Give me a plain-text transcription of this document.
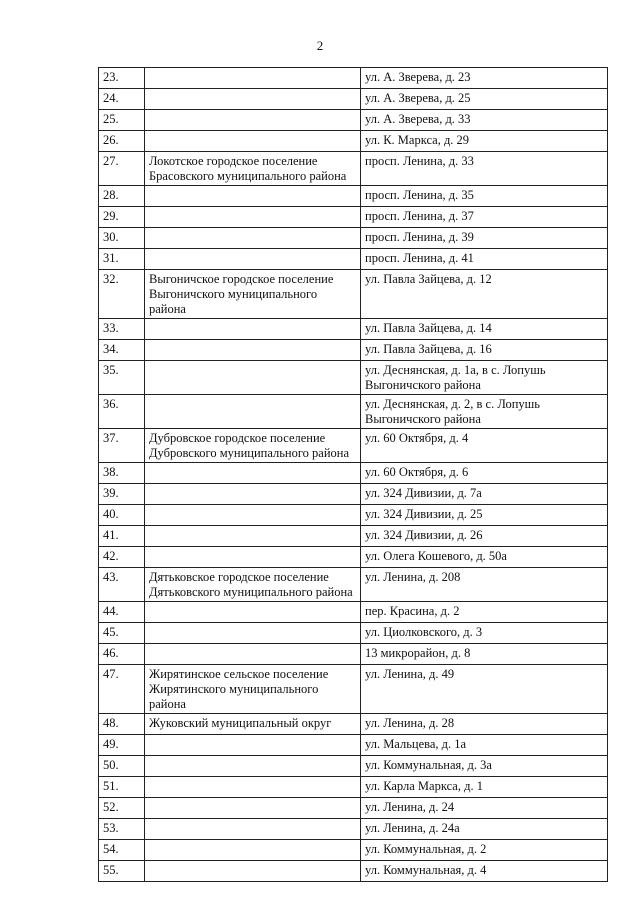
2
23.		ул. А. Зверева, д. 23
24.		ул. А. Зверева, д. 25
25.		ул. А. Зверева, д. 33
26.		ул. К. Маркса, д. 29
27.	Локотское городское поселение Брасовского муниципального района	просп. Ленина, д. 33
28.		просп. Ленина, д. 35
29.		просп. Ленина, д. 37
30.		просп. Ленина, д. 39
31.		просп. Ленина, д. 41
32.	Выгоничское городское поселение Выгоничского муниципального района	ул. Павла Зайцева, д. 12
33.		ул. Павла Зайцева, д. 14
34.		ул. Павла Зайцева, д. 16
35.		ул. Деснянская, д. 1а, в с. Лопушь Выгоничского района
36.		ул. Деснянская, д. 2, в с. Лопушь Выгоничского района
37.	Дубровское городское поселение Дубровского муниципального района	ул. 60 Октября, д. 4
38.		ул. 60 Октября, д. 6
39.		ул. 324 Дивизии, д. 7а
40.		ул. 324 Дивизии, д. 25
41.		ул. 324 Дивизии, д. 26
42.		ул. Олега Кошевого, д. 50а
43.	Дятьковское городское поселение Дятьковского муниципального района	ул. Ленина, д. 208
44.		пер. Красина, д. 2
45.		ул. Циолковского, д. 3
46.		13 микрорайон, д. 8
47.	Жирятинское сельское поселение Жирятинского муниципального района	ул. Ленина, д. 49
48.	Жуковский муниципальный округ	ул. Ленина, д. 28
49.		ул. Мальцева, д. 1а
50.		ул. Коммунальная, д. 3а
51.		ул. Карла Маркса, д. 1
52.		ул. Ленина, д. 24
53.		ул. Ленина, д. 24а
54.		ул. Коммунальная, д. 2
55.		ул. Коммунальная, д. 4
